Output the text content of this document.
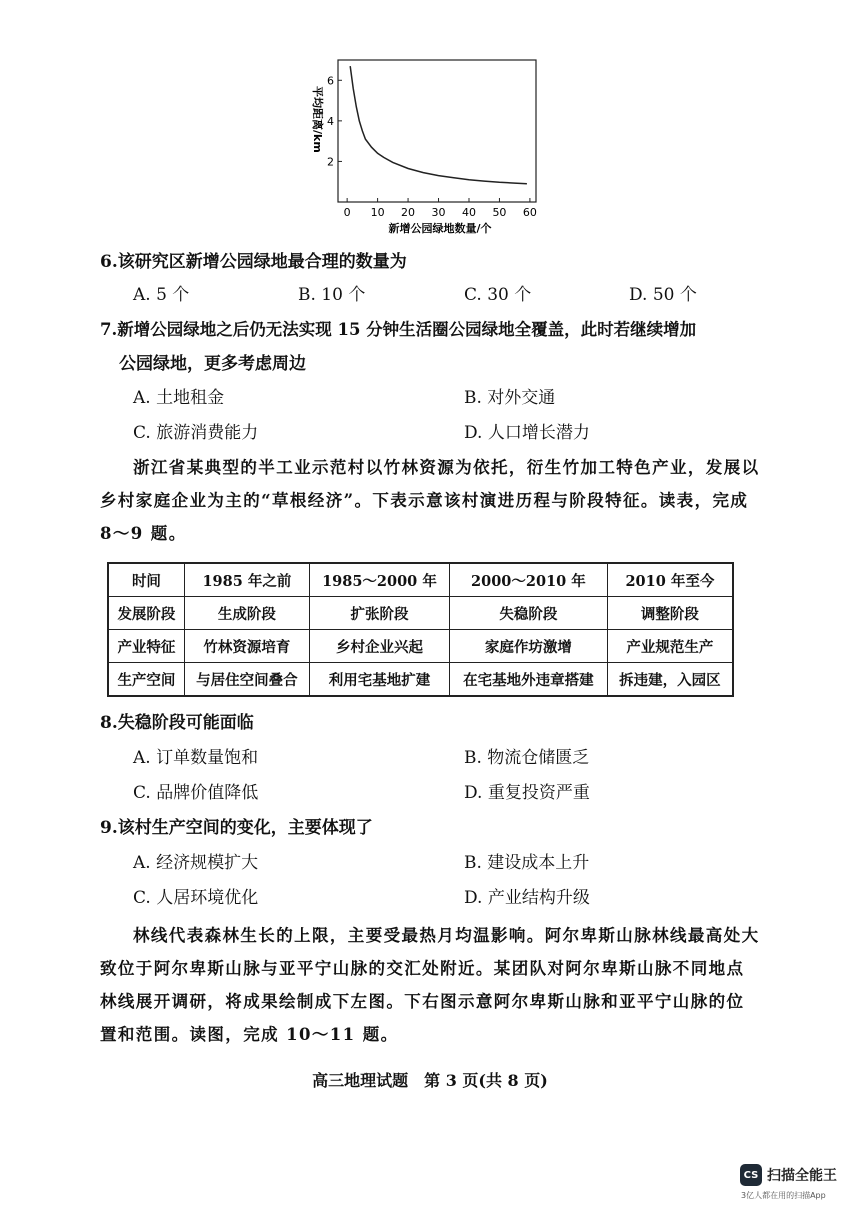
2
4
6
0 10 20 30 40 50 60
新增公园绿地数量/个
平均距离/km
6.该研究区新增公园绿地最合理的数量为
A. 5 个	B. 10 个	C. 30 个	D. 50 个
7.新增公园绿地之后仍无法实现 15 分钟生活圈公园绿地全覆盖，此时若继续增加
公园绿地，更多考虑周边
A. 土地租金	B. 对外交通
C. 旅游消费能力	D. 人口增长潜力
浙江省某典型的半工业示范村以竹林资源为依托，衍生竹加工特色产业，发展以乡村家庭企业为主的“草根经济”。下表示意该村演进历程与阶段特征。读表，完成 8～9 题。
时间	1985 年之前	1985～2000 年	2000～2010 年	2010 年至今
发展阶段	生成阶段	扩张阶段	失稳阶段	调整阶段
产业特征	竹林资源培育	乡村企业兴起	家庭作坊激增	产业规范生产
生产空间	与居住空间叠合	利用宅基地扩建	在宅基地外违章搭建	拆违建，入园区
8.失稳阶段可能面临
A. 订单数量饱和	B. 物流仓储匮乏
C. 品牌价值降低	D. 重复投资严重
9.该村生产空间的变化，主要体现了
A. 经济规模扩大	B. 建设成本上升
C. 人居环境优化	D. 产业结构升级
林线代表森林生长的上限，主要受最热月均温影响。阿尔卑斯山脉林线最高处大致位于阿尔卑斯山脉与亚平宁山脉的交汇处附近。某团队对阿尔卑斯山脉不同地点林线展开调研，将成果绘制成下左图。下右图示意阿尔卑斯山脉和亚平宁山脉的位置和范围。读图，完成 10～11 题。
高三地理试题　第 3 页(共 8 页)
CS 扫描全能王
3亿人都在用的扫描App
